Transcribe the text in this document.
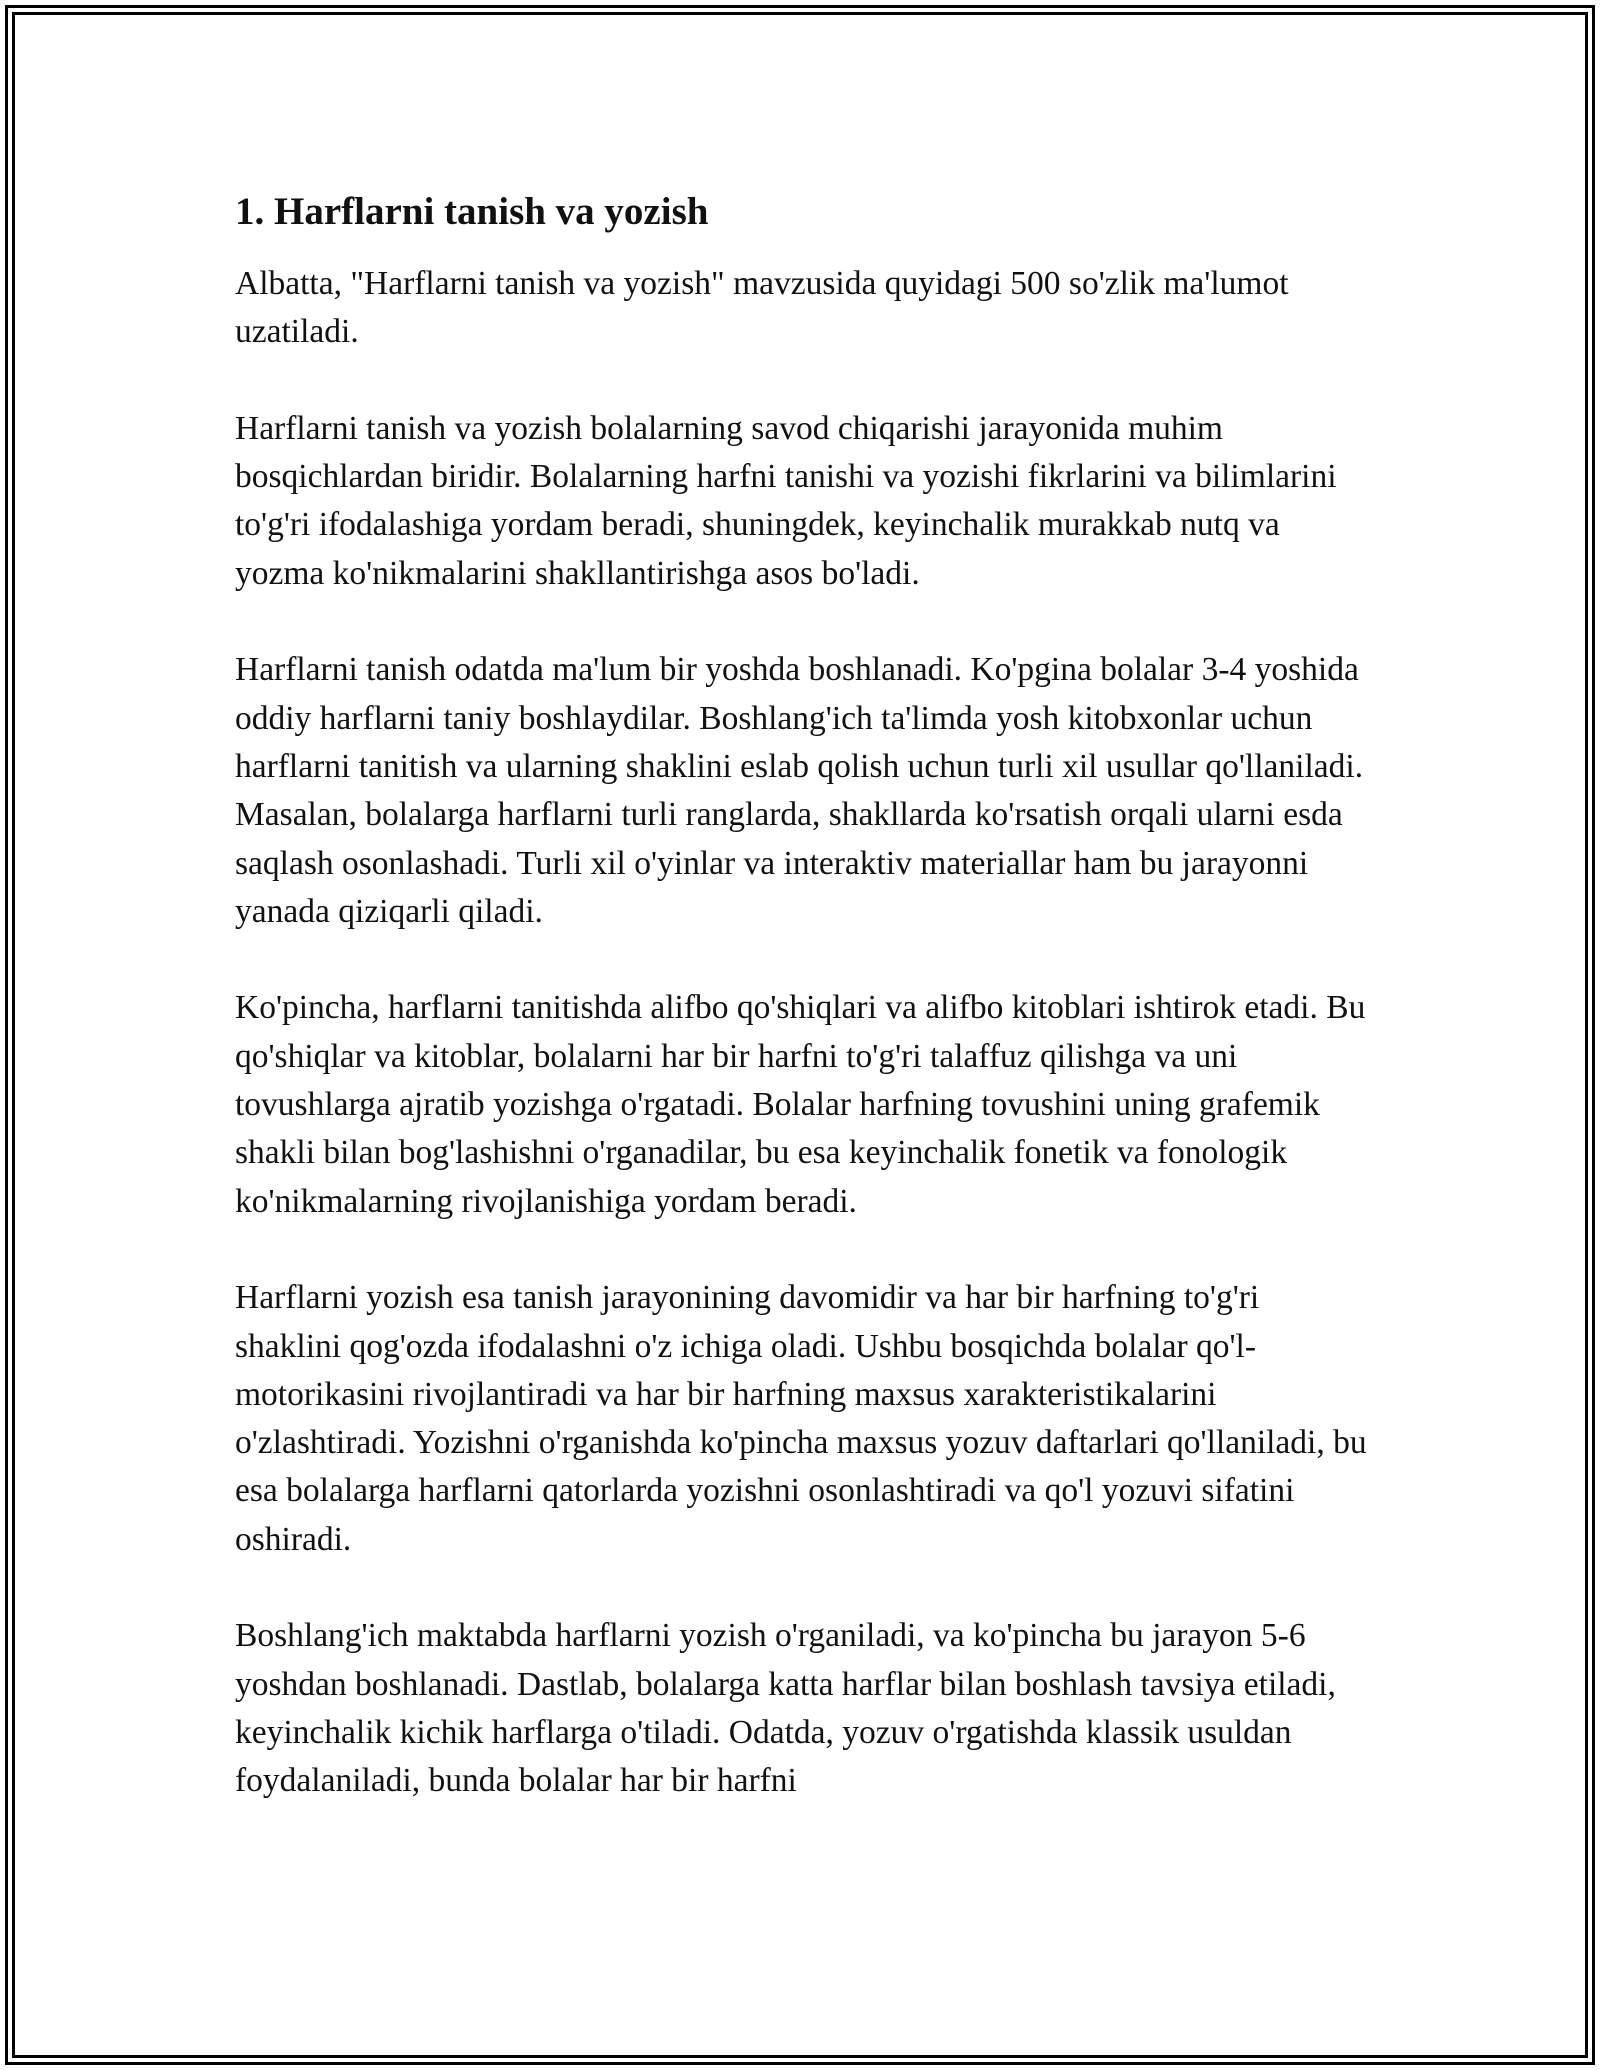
1. Harflarni tanish va yozish

Albatta, "Harflarni tanish va yozish" mavzusida quyidagi 500 so'zlik ma'lumot uzatiladi.

Harflarni tanish va yozish bolalarning savod chiqarishi jarayonida muhim bosqichlardan biridir. Bolalarning harfni tanishi va yozishi fikrlarini va bilimlarini to'g'ri ifodalashiga yordam beradi, shuningdek, keyinchalik murakkab nutq va yozma ko'nikmalarini shakllantirishga asos bo'ladi.

Harflarni tanish odatda ma'lum bir yoshda boshlanadi. Ko'pgina bolalar 3-4 yoshida oddiy harflarni taniy boshlaydilar. Boshlang'ich ta'limda yosh kitobxonlar uchun harflarni tanitish va ularning shaklini eslab qolish uchun turli xil usullar qo'llaniladi. Masalan, bolalarga harflarni turli ranglarda, shakllarda ko'rsatish orqali ularni esda saqlash osonlashadi. Turli xil o'yinlar va interaktiv materiallar ham bu jarayonni yanada qiziqarli qiladi.

Ko'pincha, harflarni tanitishda alifbo qo'shiqlari va alifbo kitoblari ishtirok etadi. Bu qo'shiqlar va kitoblar, bolalarni har bir harfni to'g'ri talaffuz qilishga va uni tovushlarga ajratib yozishga o'rgatadi. Bolalar harfning tovushini uning grafemik shakli bilan bog'lashishni o'rganadilar, bu esa keyinchalik fonetik va fonologik ko'nikmalarning rivojlanishiga yordam beradi.

Harflarni yozish esa tanish jarayonining davomidir va har bir harfning to'g'ri shaklini qog'ozda ifodalashni o'z ichiga oladi. Ushbu bosqichda bolalar qo'l-motorikasini rivojlantiradi va har bir harfning maxsus xarakteristikalarini o'zlashtiradi. Yozishni o'rganishda ko'pincha maxsus yozuv daftarlari qo'llaniladi, bu esa bolalarga harflarni qatorlarda yozishni osonlashtiradi va qo'l yozuvi sifatini oshiradi.

Boshlang'ich maktabda harflarni yozish o'rganiladi, va ko'pincha bu jarayon 5-6 yoshdan boshlanadi. Dastlab, bolalarga katta harflar bilan boshlash tavsiya etiladi, keyinchalik kichik harflarga o'tiladi. Odatda, yozuv o'rgatishda klassik usuldan foydalaniladi, bunda bolalar har bir harfni
